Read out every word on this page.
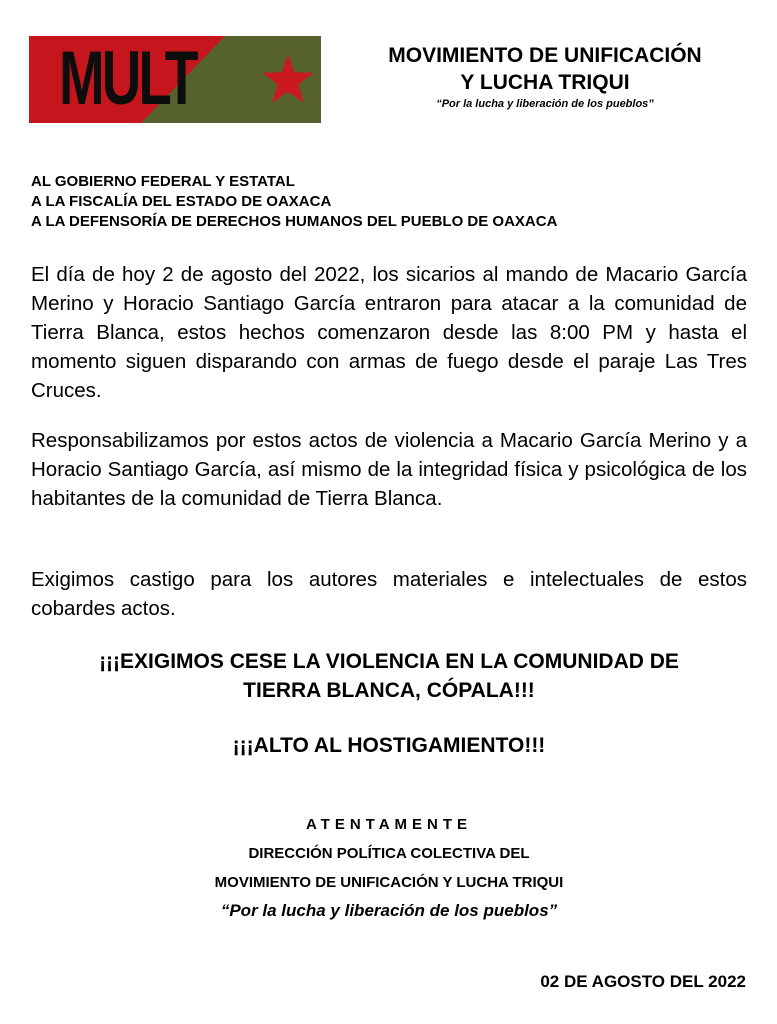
MULT	MOVIMIENTO DE UNIFICACIÓN
Y LUCHA TRIQUI
“Por la lucha y liberación de los pueblos”
AL GOBIERNO FEDERAL Y ESTATAL
A LA FISCALÍA DEL ESTADO DE OAXACA
A LA DEFENSORÍA DE DERECHOS HUMANOS DEL PUEBLO DE OAXACA
El día de hoy 2 de agosto del 2022, los sicarios al mando de Macario García Merino y Horacio Santiago García entraron para atacar a la comunidad de Tierra Blanca, estos hechos comenzaron desde las 8:00 PM y hasta el momento siguen disparando con armas de fuego desde el paraje Las Tres Cruces.
Responsabilizamos por estos actos de violencia a Macario García Merino y a Horacio Santiago García, así mismo de la integridad física y psicológica de los habitantes de la comunidad de Tierra Blanca.
Exigimos castigo para los autores materiales e intelectuales de estos cobardes actos.
¡¡¡EXIGIMOS CESE LA VIOLENCIA EN LA COMUNIDAD DE
TIERRA BLANCA, CÓPALA!!!
¡¡¡ALTO AL HOSTIGAMIENTO!!!
ATENTAMENTE
DIRECCIÓN POLÍTICA COLECTIVA DEL
MOVIMIENTO DE UNIFICACIÓN Y LUCHA TRIQUI
“Por la lucha y liberación de los pueblos”
02 DE AGOSTO DEL 2022
